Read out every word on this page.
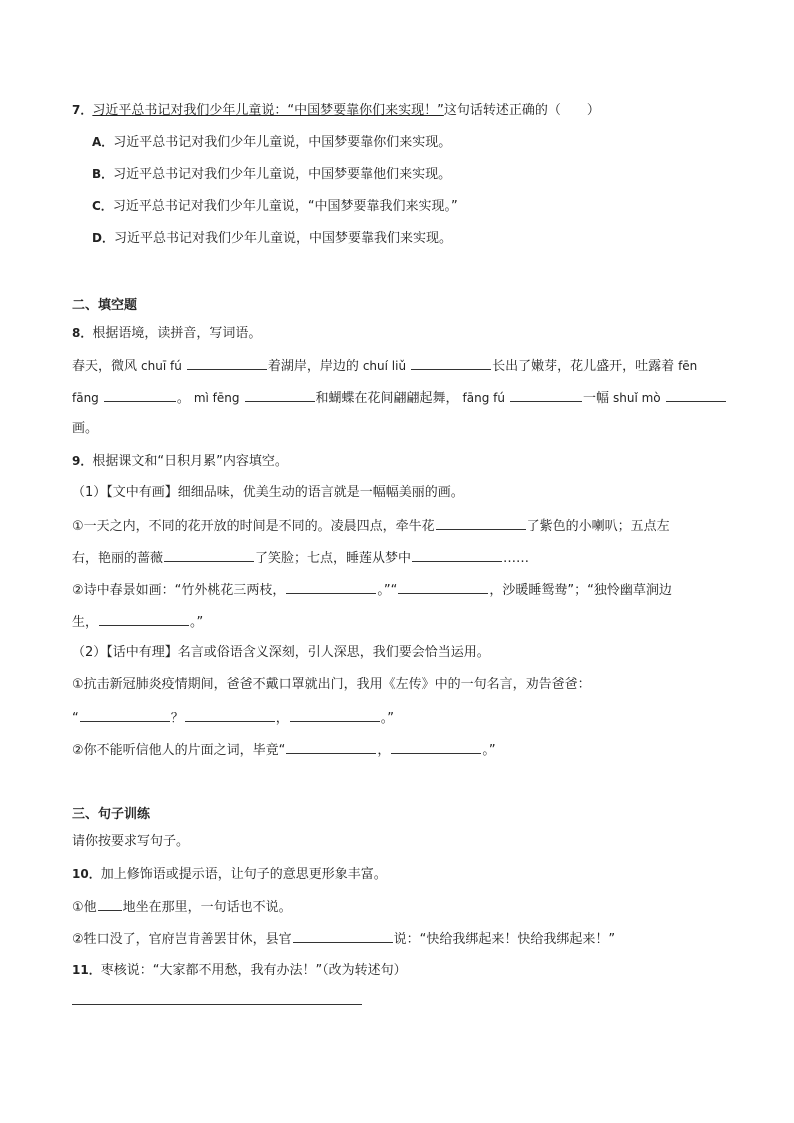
7．习近平总书记对我们少年儿童说：“中国梦要靠你们来实现！”这句话转述正确的（　　）
A．习近平总书记对我们少年儿童说，中国梦要靠你们来实现。
B．习近平总书记对我们少年儿童说，中国梦要靠他们来实现。
C．习近平总书记对我们少年儿童说，“中国梦要靠我们来实现。”
D．习近平总书记对我们少年儿童说，中国梦要靠我们来实现。
二、填空题
8．根据语境，读拼音，写词语。
春天，微风 chuī fú	着湖岸，岸边的 chuí liǔ	长出了嫩芽，花儿盛开，吐露着 fēn
fāng	。 mì fēng	和蝴蝶在花间翩翩起舞， fāng fú	一幅 shuǐ mò
画。
9．根据课文和“日积月累”内容填空。
（1）【文中有画】细细品味，优美生动的语言就是一幅幅美丽的画。
①一天之内，不同的花开放的时间是不同的。凌晨四点，牵牛花	了紫色的小喇叭；五点左
右，艳丽的蔷薇	了笑脸；七点，睡莲从梦中	……
②诗中春景如画：“竹外桃花三两枝，	。”“	，沙暖睡鸳鸯”；“独怜幽草涧边
生，	。”
（2）【话中有理】名言或俗语含义深刻，引人深思，我们要会恰当运用。
①抗击新冠肺炎疫情期间，爸爸不戴口罩就出门，我用《左传》中的一句名言，劝告爸爸：
“	？	，	。”
②你不能听信他人的片面之词，毕竟“	，	。”
三、句子训练
请你按要求写句子。
10．加上修饰语或提示语，让句子的意思更形象丰富。
①他 地坐在那里，一句话也不说。
②牲口没了，官府岂肯善罢甘休，县官	说：“快给我绑起来！快给我绑起来！”
11．枣核说：“大家都不用愁，我有办法！”（改为转述句）
